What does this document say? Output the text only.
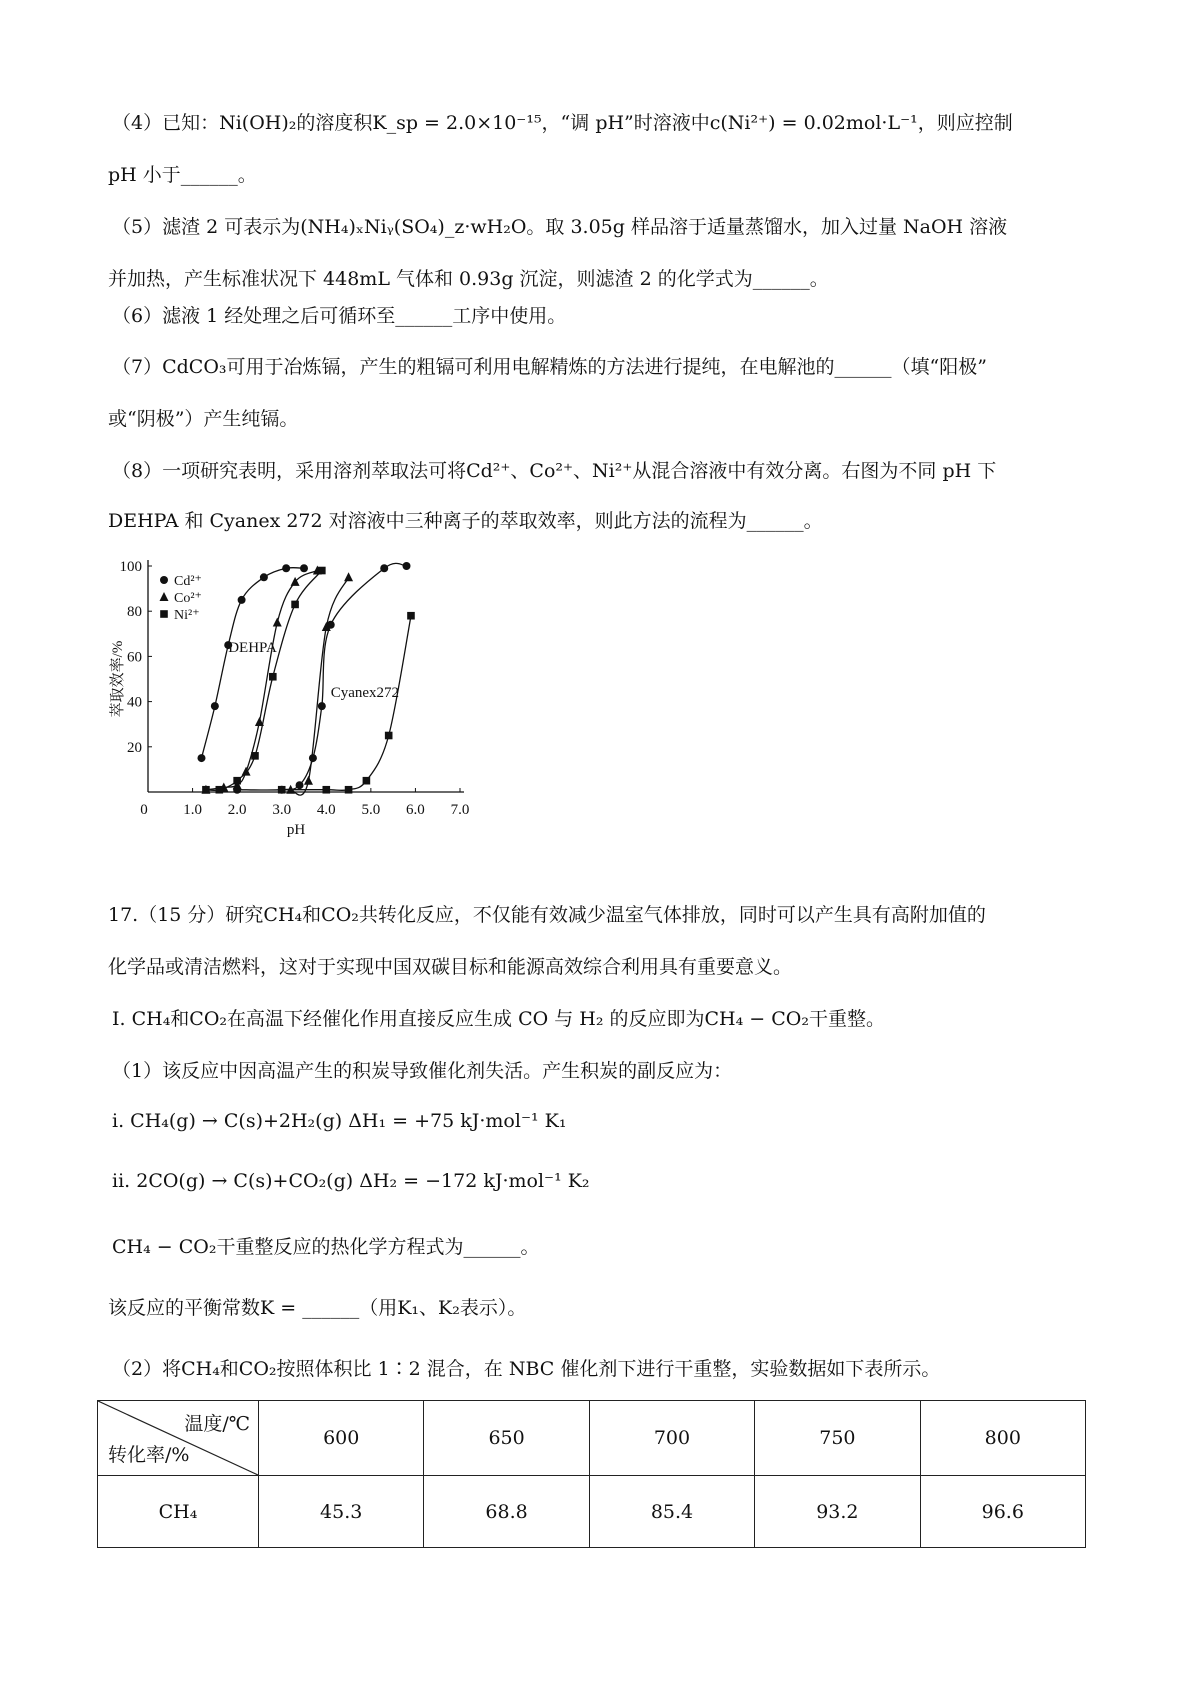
（4）已知：Ni(OH)₂的溶度积K_sp = 2.0×10⁻¹⁵，“调 pH”时溶液中c(Ni²⁺) = 0.02mol·L⁻¹，则应控制
pH 小于______。
（5）滤渣 2 可表示为(NH₄)ₓNiᵧ(SO₄)_z·wH₂O。取 3.05g 样品溶于适量蒸馏水，加入过量 NaOH 溶液
并加热，产生标准状况下 448mL 气体和 0.93g 沉淀，则滤渣 2 的化学式为______。
（6）滤液 1 经处理之后可循环至______工序中使用。
（7）CdCO₃可用于冶炼镉，产生的粗镉可利用电解精炼的方法进行提纯，在电解池的______（填“阳极”
或“阴极”）产生纯镉。
（8）一项研究表明，采用溶剂萃取法可将Cd²⁺、Co²⁺、Ni²⁺从混合溶液中有效分离。右图为不同 pH 下
DEHPA 和 Cyanex 272 对溶液中三种离子的萃取效率，则此方法的流程为______。
0 1.0 2.0 3.0 4.0 5.0 6.0 7.0
20
40
60
80
100
pH
萃取效率/%
Cd²⁺
Co²⁺
Ni²⁺
DEHPA
Cyanex272
17.（15 分）研究CH₄和CO₂共转化反应，不仅能有效减少温室气体排放，同时可以产生具有高附加值的
化学品或清洁燃料，这对于实现中国双碳目标和能源高效综合利用具有重要意义。
Ⅰ. CH₄和CO₂在高温下经催化作用直接反应生成 CO 与 H₂ 的反应即为CH₄ − CO₂干重整。
（1）该反应中因高温产生的积炭导致催化剂失活。产生积炭的副反应为：
i. CH₄(g) → C(s)+2H₂(g) ΔH₁ = +75 kJ·mol⁻¹ K₁
ii. 2CO(g) → C(s)+CO₂(g) ΔH₂ = −172 kJ·mol⁻¹ K₂
CH₄ − CO₂干重整反应的热化学方程式为______。
该反应的平衡常数K = ______（用K₁、K₂表示）。
（2）将CH₄和CO₂按照体积比 1∶2 混合，在 NBC 催化剂下进行干重整，实验数据如下表所示。
温度/℃
转化率/%	600	650	700	750	800
CH₄	45.3	68.8	85.4	93.2	96.6
